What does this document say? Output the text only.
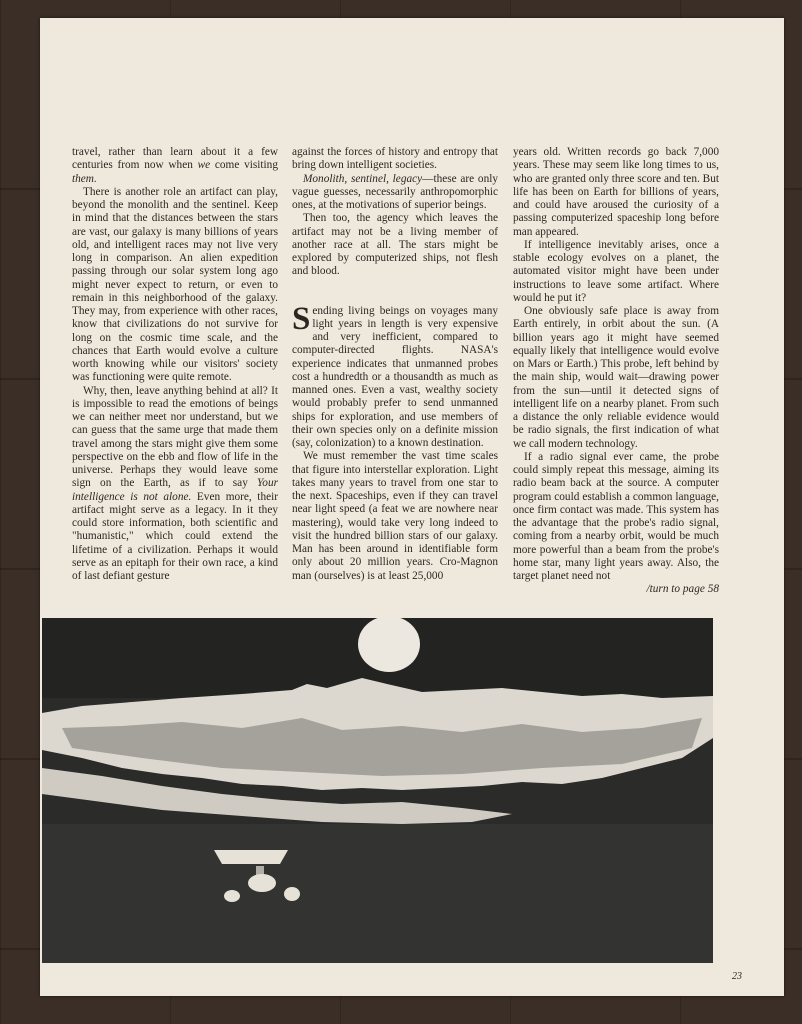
travel, rather than learn about it a few centuries from now when we come visiting them.

There is another role an artifact can play, beyond the monolith and the sentinel. Keep in mind that the distances between the stars are vast, our galaxy is many billions of years old, and intelligent races may not live very long in comparison. An alien expedition passing through our solar system long ago might never expect to return, or even to remain in this neighborhood of the galaxy. They may, from experience with other races, know that civilizations do not survive for long on the cosmic time scale, and the chances that Earth would evolve a culture worth knowing while our visitors' society was functioning were quite remote.

Why, then, leave anything behind at all? It is impossible to read the emotions of beings we can neither meet nor understand, but we can guess that the same urge that made them travel among the stars might give them some perspective on the ebb and flow of life in the universe. Perhaps they would leave some sign on the Earth, as if to say Your intelligence is not alone. Even more, their artifact might serve as a legacy. In it they could store information, both scientific and "humanistic," which could extend the lifetime of a civilization. Perhaps it would serve as an epitaph for their own race, a kind of last defiant gesture

against the forces of history and entropy that bring down intelligent societies.

Monolith, sentinel, legacy—these are only vague guesses, necessarily anthropomorphic ones, at the motivations of superior beings.

Then too, the agency which leaves the artifact may not be a living member of another race at all. The stars might be explored by computerized ships, not flesh and blood.

Sending living beings on voyages many light years in length is very expensive and very inefficient, compared to computer-directed flights. NASA's experience indicates that unmanned probes cost a hundredth or a thousandth as much as manned ones. Even a vast, wealthy society would probably prefer to send unmanned ships for exploration, and use members of their own species only on a definite mission (say, colonization) to a known destination.

We must remember the vast time scales that figure into interstellar exploration. Light takes many years to travel from one star to the next. Spaceships, even if they can travel near light speed (a feat we are nowhere near mastering), would take very long indeed to visit the hundred billion stars of our galaxy. Man has been around in identifiable form only about 20 million years. Cro-Magnon man (ourselves) is at least 25,000

years old. Written records go back 7,000 years. These may seem like long times to us, who are granted only three score and ten. But life has been on Earth for billions of years, and could have aroused the curiosity of a passing computerized spaceship long before man appeared.

If intelligence inevitably arises, once a stable ecology evolves on a planet, the automated visitor might have been under instructions to leave some artifact. Where would he put it?

One obviously safe place is away from Earth entirely, in orbit about the sun. (A billion years ago it might have seemed equally likely that intelligence would evolve on Mars or Earth.) This probe, left behind by the main ship, would wait—drawing power from the sun—until it detected signs of intelligent life on a nearby planet. From such a distance the only reliable evidence would be radio signals, the first indication of what we call modern technology.

If a radio signal ever came, the probe could simply repeat this message, aiming its radio beam back at the source. A computer program could establish a common language, once firm contact was made. This system has the advantage that the probe's radio signal, coming from a nearby orbit, would be much more powerful than a beam from the probe's home star, many light years away. Also, the target planet need not

/turn to page 58
23
